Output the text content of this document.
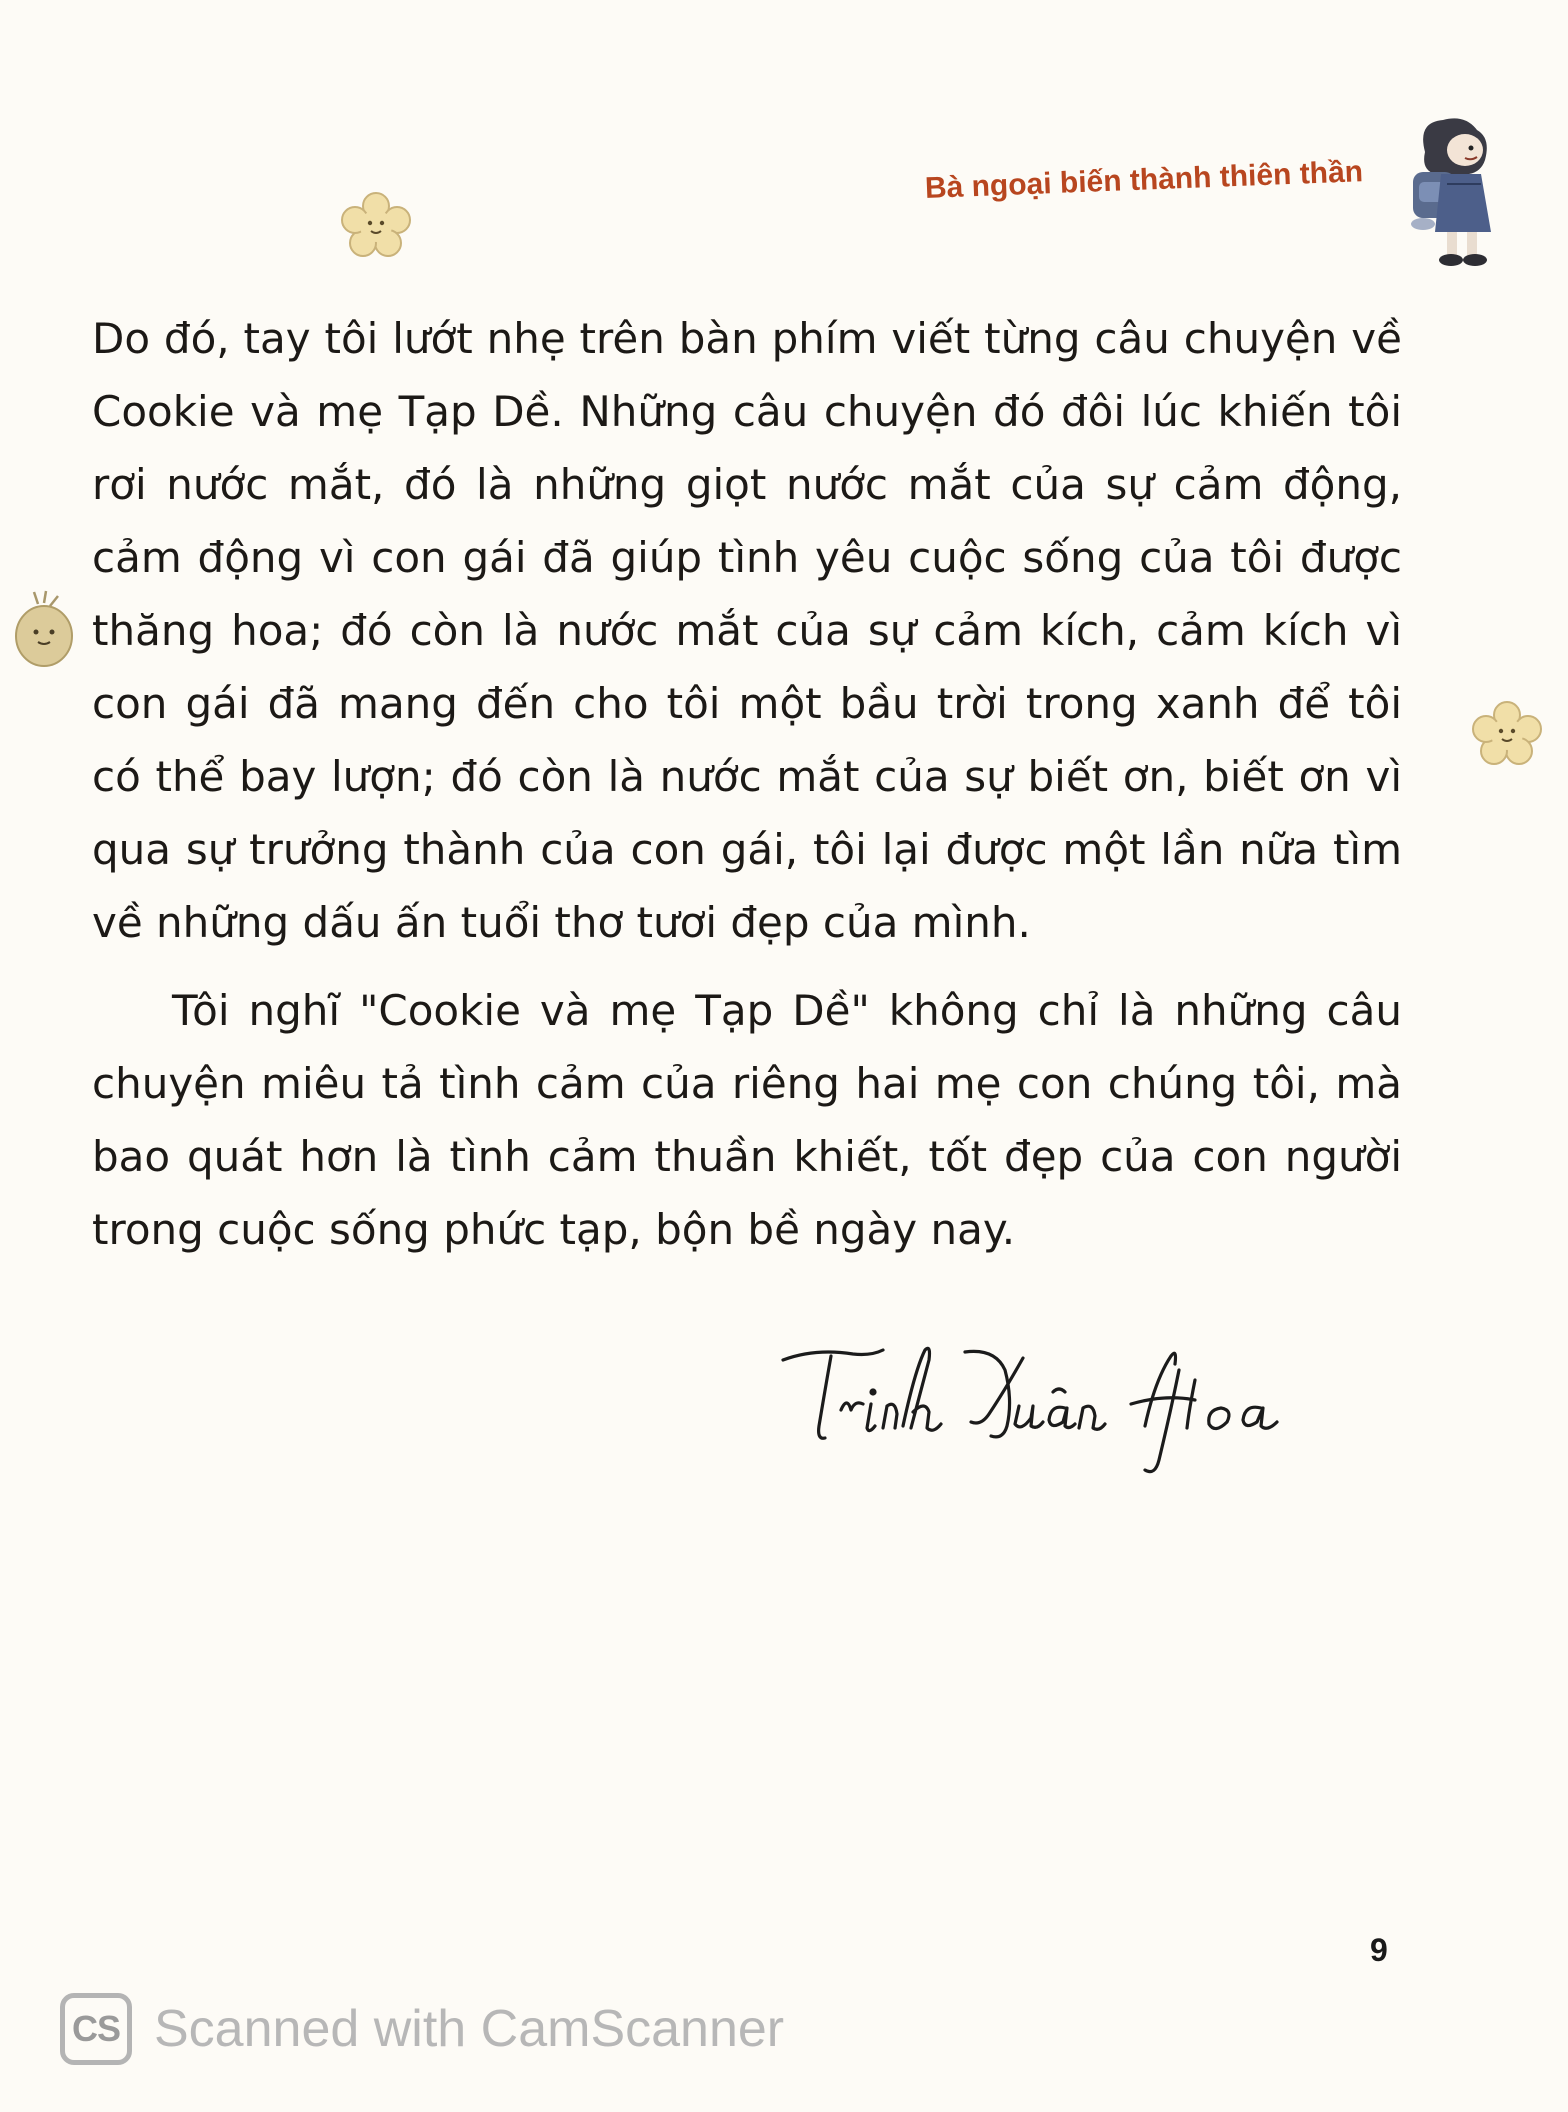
Bà ngoại biến thành thiên thần

Do đó, tay tôi lướt nhẹ trên bàn phím viết từng câu chuyện về Cookie và mẹ Tạp Dề. Những câu chuyện đó đôi lúc khiến tôi rơi nước mắt, đó là những giọt nước mắt của sự cảm động, cảm động vì con gái đã giúp tình yêu cuộc sống của tôi được thăng hoa; đó còn là nước mắt của sự cảm kích, cảm kích vì con gái đã mang đến cho tôi một bầu trời trong xanh để tôi có thể bay lượn; đó còn là nước mắt của sự biết ơn, biết ơn vì qua sự trưởng thành của con gái, tôi lại được một lần nữa tìm về những dấu ấn tuổi thơ tươi đẹp của mình.

Tôi nghĩ "Cookie và mẹ Tạp Dề" không chỉ là những câu chuyện miêu tả tình cảm của riêng hai mẹ con chúng tôi, mà bao quát hơn là tình cảm thuần khiết, tốt đẹp của con người trong cuộc sống phức tạp, bộn bề ngày nay.

9
CS Scanned with CamScanner
